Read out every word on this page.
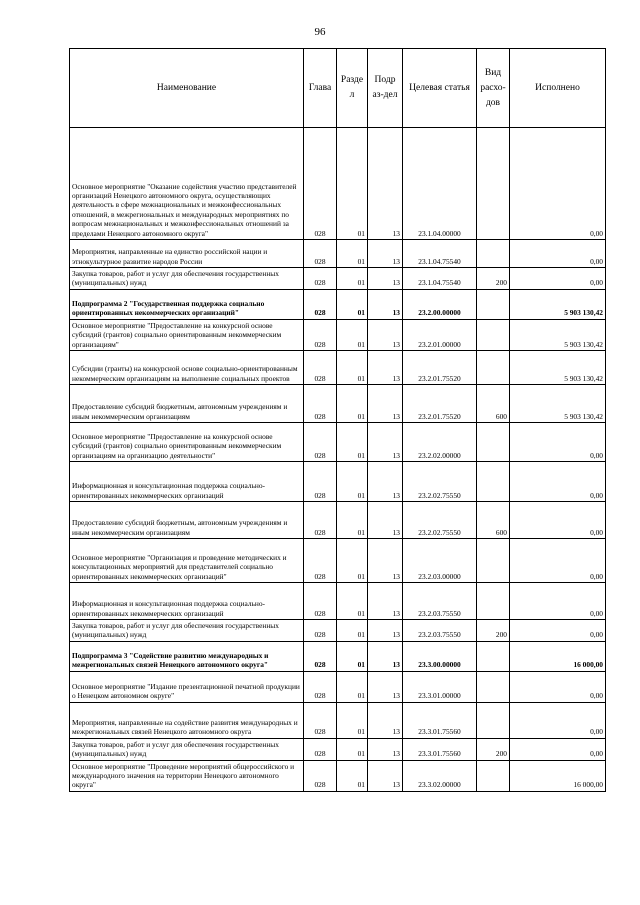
96
Наименование	Глава	Разде л	Подр аз-дел	Целевая статья	Вид расхо-дов	Исполнено
Основное мероприятие "Оказание содействия участию представителей организаций Ненецкого автономного округа, осуществляющих деятельность в сфере межнациональных и межконфессиональных отношений, в межрегиональных и международных мероприятиях по вопросам межнациональных и межконфессиональных отношений за пределами Ненецкого автономного округа"	028	01	13	23.1.04.00000		0,00
Мероприятия, направленные на единство российской нации и этнокультурное развитие народов России	028	01	13	23.1.04.75540		0,00
Закупка товаров, работ и услуг для обеспечения государственных (муниципальных) нужд	028	01	13	23.1.04.75540	200	0,00
Подпрограмма 2 "Государственная поддержка социально ориентированных некоммерческих организаций"	028	01	13	23.2.00.00000		5 903 130,42
Основное мероприятие "Предоставление на конкурсной основе субсидий (грантов) социально ориентированным некоммерческим организациям"	028	01	13	23.2.01.00000		5 903 130,42
Субсидии (гранты) на конкурсной основе социально-ориентированным некоммерческим организациям на выполнение социальных проектов	028	01	13	23.2.01.75520		5 903 130,42
Предоставление субсидий бюджетным, автономным учреждениям и иным некоммерческим организациям	028	01	13	23.2.01.75520	600	5 903 130,42
Основное мероприятие "Предоставление на конкурсной основе субсидий (грантов) социально ориентированным некоммерческим организациям на организацию деятельности"	028	01	13	23.2.02.00000		0,00
Информационная и консультационная поддержка социально-ориентированных некоммерческих организаций	028	01	13	23.2.02.75550		0,00
Предоставление субсидий бюджетным, автономным учреждениям и иным некоммерческим организациям	028	01	13	23.2.02.75550	600	0,00
Основное мероприятие "Организация и проведение методических и консультационных мероприятий для представителей социально ориентированных некоммерческих организаций"	028	01	13	23.2.03.00000		0,00
Информационная и консультационная поддержка социально-ориентированных некоммерческих организаций	028	01	13	23.2.03.75550		0,00
Закупка товаров, работ и услуг для обеспечения государственных (муниципальных) нужд	028	01	13	23.2.03.75550	200	0,00
Подпрограмма 3 "Содействие развитию международных и межрегиональных связей Ненецкого автономного округа"	028	01	13	23.3.00.00000		16 000,00
Основное мероприятие "Издание презентационной печатной продукции о Ненецком автономном округе"	028	01	13	23.3.01.00000		0,00
Мероприятия, направленные на содействие развития международных и межрегиональных связей Ненецкого автономного округа	028	01	13	23.3.01.75560		0,00
Закупка товаров, работ и услуг для обеспечения государственных (муниципальных) нужд	028	01	13	23.3.01.75560	200	0,00
Основное мероприятие "Проведение мероприятий общероссийского и международного значения на территории Ненецкого автономного округа"	028	01	13	23.3.02.00000		16 000,00
